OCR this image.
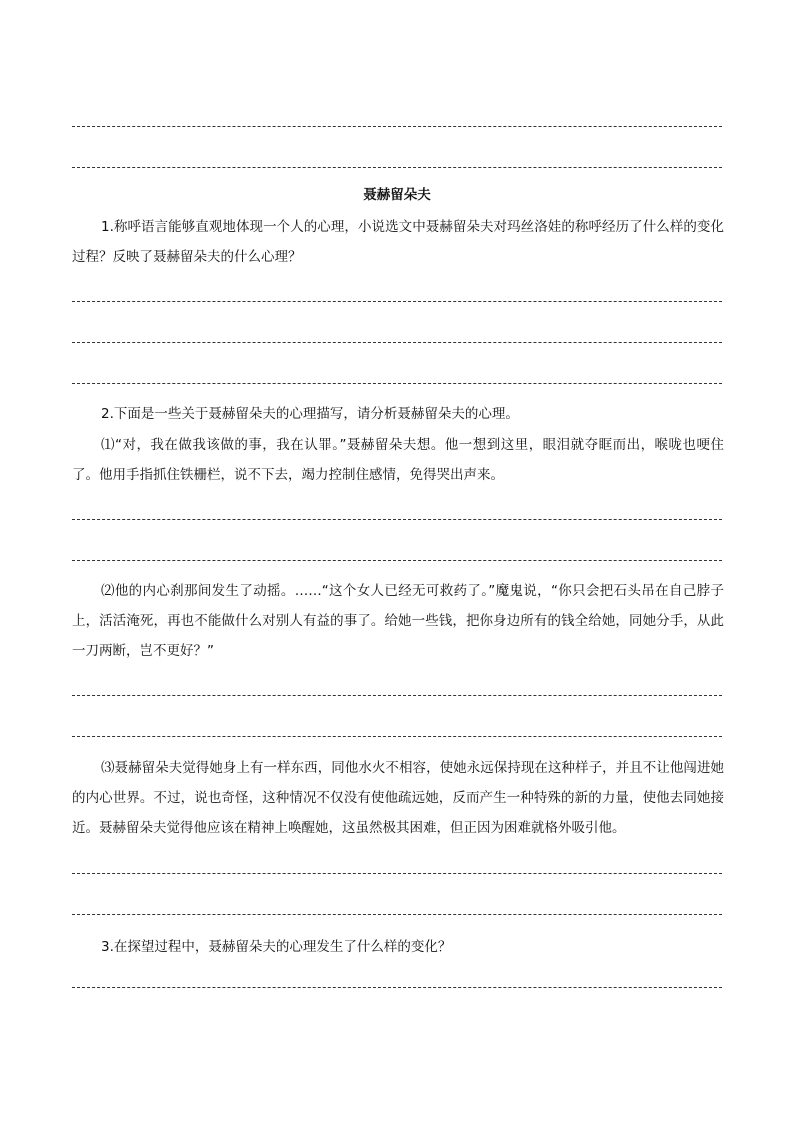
聂赫留朵夫

1.称呼语言能够直观地体现一个人的心理，小说选文中聂赫留朵夫对玛丝洛娃的称呼经历了什么样的变化过程？反映了聂赫留朵夫的什么心理？

2.下面是一些关于聂赫留朵夫的心理描写，请分析聂赫留朵夫的心理。

⑴“对，我在做我该做的事，我在认罪。”聂赫留朵夫想。他一想到这里，眼泪就夺眶而出，喉咙也哽住了。他用手指抓住铁栅栏，说不下去，竭力控制住感情，免得哭出声来。

⑵他的内心刹那间发生了动摇。……“这个女人已经无可救药了。”魔鬼说，“你只会把石头吊在自己脖子上，活活淹死，再也不能做什么对别人有益的事了。给她一些钱，把你身边所有的钱全给她，同她分手，从此一刀两断，岂不更好？”

⑶聂赫留朵夫觉得她身上有一样东西，同他水火不相容，使她永远保持现在这种样子，并且不让他闯进她的内心世界。不过，说也奇怪，这种情况不仅没有使他疏远她，反而产生一种特殊的新的力量，使他去同她接近。聂赫留朵夫觉得他应该在精神上唤醒她，这虽然极其困难，但正因为困难就格外吸引他。

3.在探望过程中，聂赫留朵夫的心理发生了什么样的变化？
